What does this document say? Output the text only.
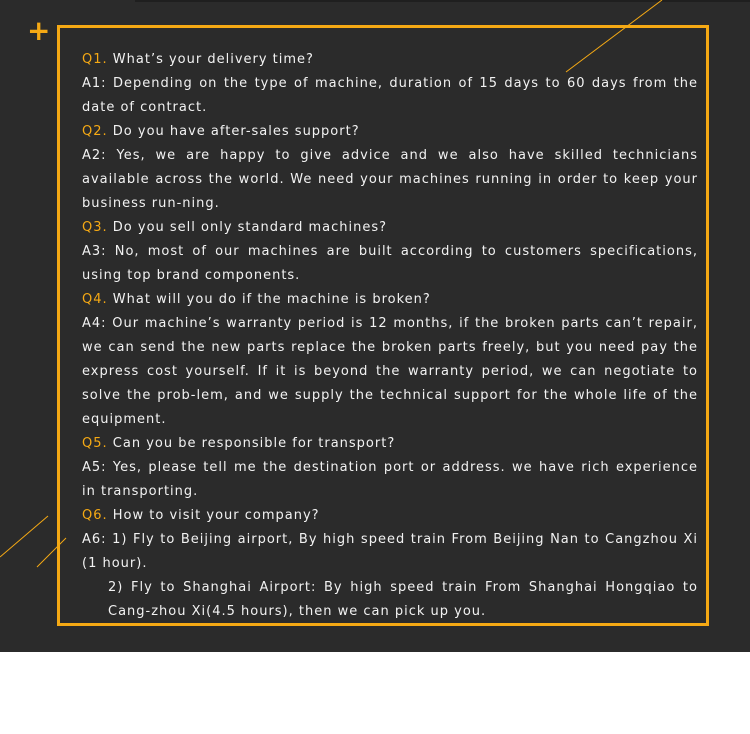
+

Q1. What’s your delivery time?

A1: Depending on the type of machine, duration of 15 days to 60 days from the date of contract.

Q2. Do you have after-sales support?

A2: Yes, we are happy to give advice and we also have skilled technicians available across the world. We need your machines running in order to keep your business run-ning.

Q3. Do you sell only standard machines?

A3: No, most of our machines are built according to customers specifications, using top brand components.

Q4. What will you do if the machine is broken?

A4: Our machine’s warranty period is 12 months, if the broken parts can’t repair, we can send the new parts replace the broken parts freely, but you need pay the express cost yourself. If it is beyond the warranty period, we can negotiate to solve the prob-lem, and we supply the technical support for the whole life of the equipment.

Q5. Can you be responsible for transport?

A5: Yes, please tell me the destination port or address. we have rich experience in transporting.

Q6. How to visit your company?

A6: 1) Fly to Beijing airport, By high speed train From Beijing Nan to Cangzhou Xi (1 hour).

2) Fly to Shanghai Airport: By high speed train From Shanghai Hongqiao to Cang-zhou Xi(4.5 hours), then we can pick up you.
